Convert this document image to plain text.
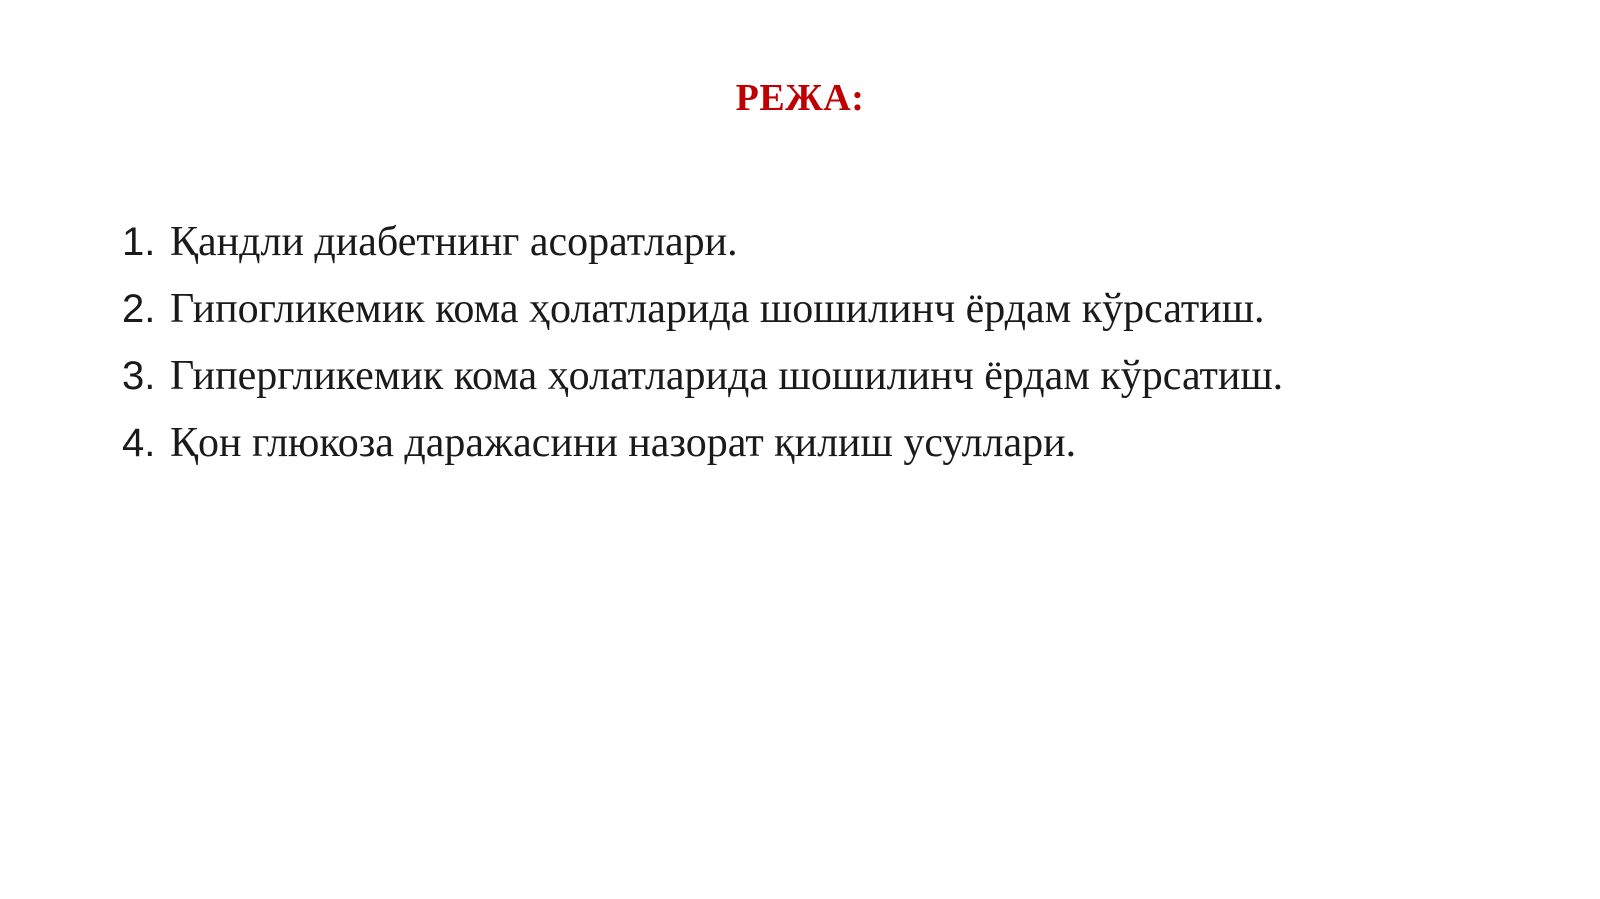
РЕЖА:
1. Қандли диабетнинг асоратлари.
2. Гипогликемик кома ҳолатларида шошилинч ёрдам кўрсатиш.
3. Гипергликемик кома ҳолатларида шошилинч ёрдам кўрсатиш.
4. Қон глюкоза даражасини назорат қилиш усуллари.
